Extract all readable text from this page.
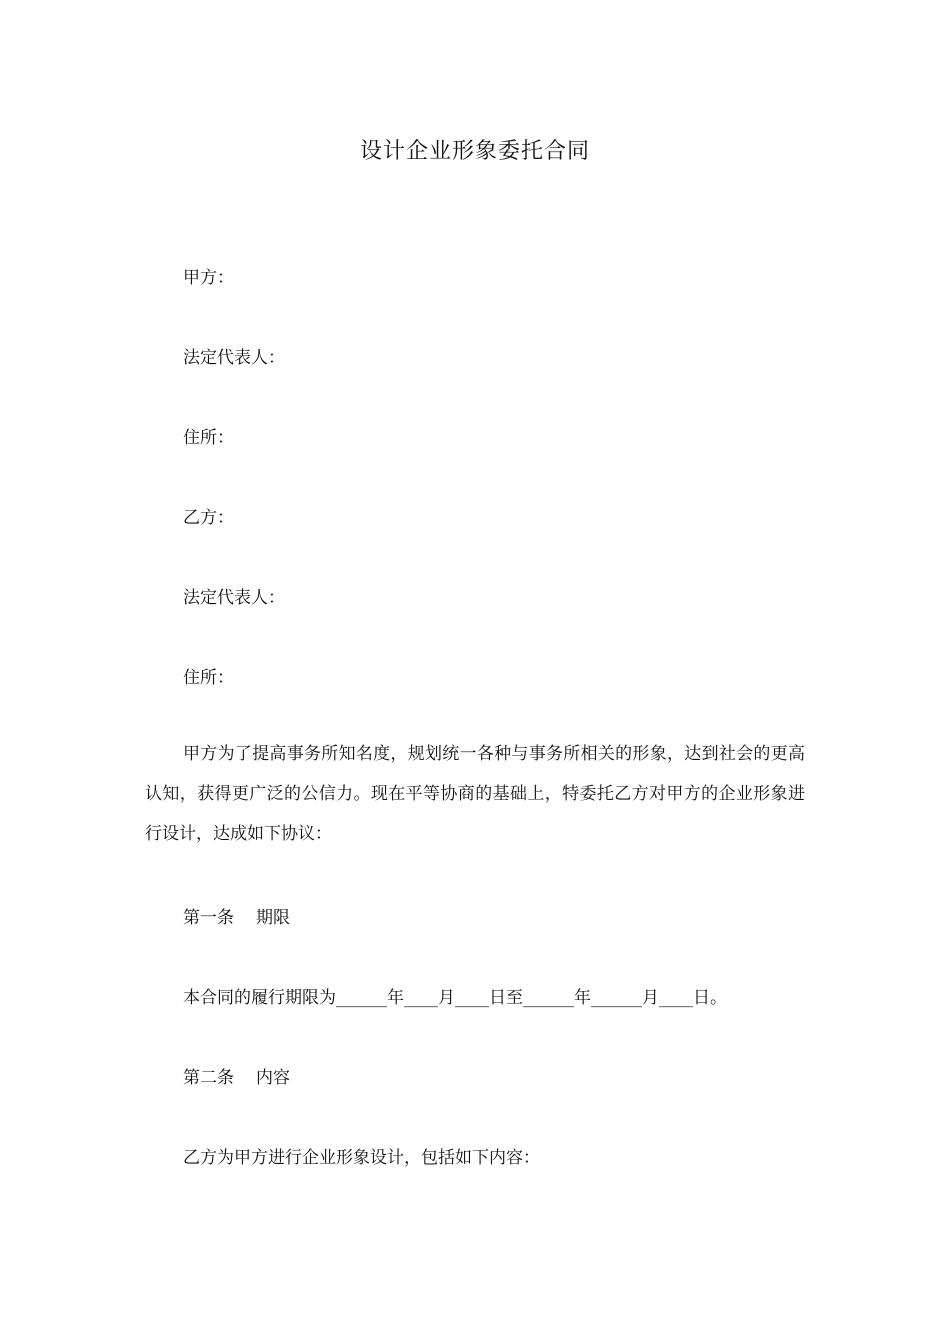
设计企业形象委托合同
甲方：
法定代表人：
住所：
乙方：
法定代表人：
住所：
甲方为了提高事务所知名度，规划统一各种与事务所相关的形象，达到社会的更高认知，获得更广泛的公信力。现在平等协商的基础上，特委托乙方对甲方的企业形象进行设计，达成如下协议：
第一条 期限
本合同的履行期限为______年____月____日至______年______月____日。
第二条 内容
乙方为甲方进行企业形象设计，包括如下内容：
